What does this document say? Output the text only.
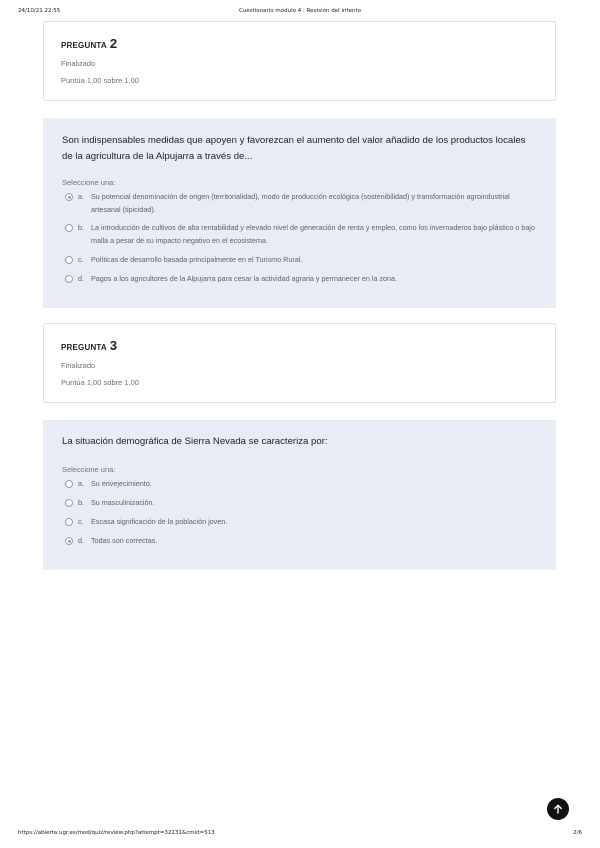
24/10/21 22:55	Cuestionario módulo 4 : Revisión del intento
PREGUNTA 2
Finalizado
Puntúa 1,00 sobre 1,00
Son indispensables medidas que apoyen y favorezcan el aumento del valor añadido de los productos locales de la agricultura de la Alpujarra a través de...
Seleccione una:
a. Su potencial denominación de origen (territorialidad), modo de producción ecológica (sostenibilidad) y transformación agroindustrial artesanal (tipicidad).
b. La introducción de cultivos de alta rentabilidad y elevado nivel de generación de renta y empleo, como los invernaderos bajo plástico o bajo malla a pesar de su impacto negativo en el ecosistema.
c. Políticas de desarrollo basada principalmente en el Turismo Rural.
d. Pagos a los agricultores de la Alpujarra para cesar la actividad agraria y permanecer en la zona.
PREGUNTA 3
Finalizado
Puntúa 1,00 sobre 1,00
La situación demográfica de Sierra Nevada se caracteriza por:
Seleccione una:
a. Su envejecimiento.
b. Su masculinización.
c. Escasa significación de la población joven.
d. Todas son correctas.
https://abierta.ugr.es/mod/quiz/review.php?attempt=32131&cmid=513	2/6
